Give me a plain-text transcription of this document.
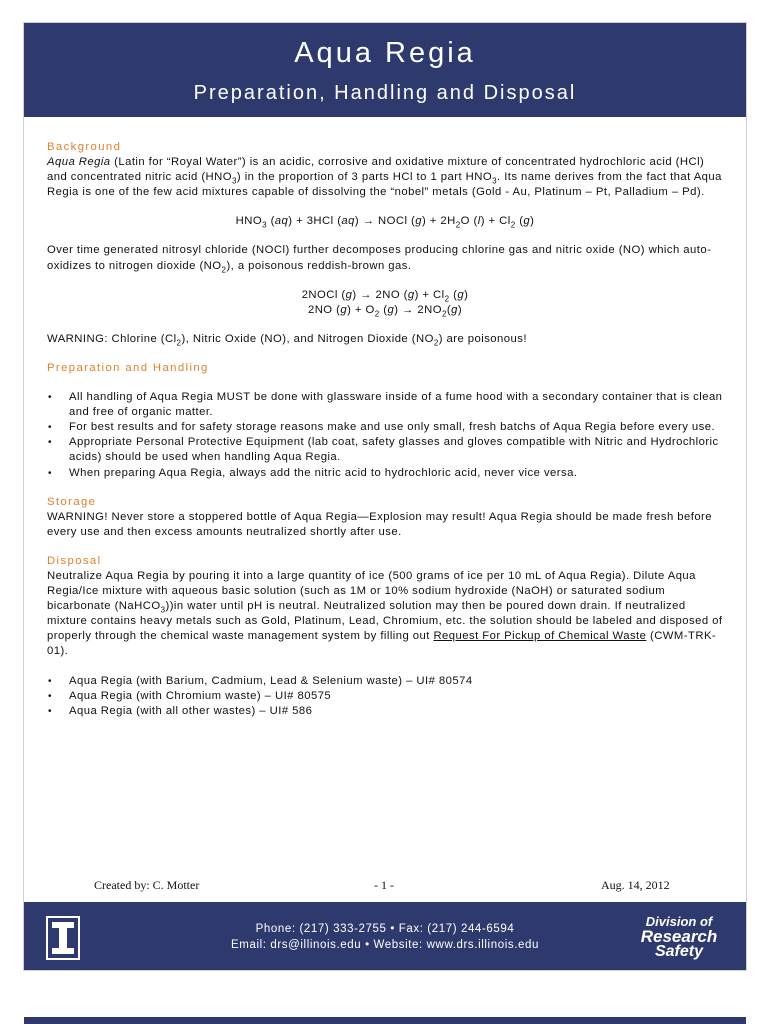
Aqua Regia
Preparation, Handling and Disposal
Background

Aqua Regia (Latin for “Royal Water”) is an acidic, corrosive and oxidative mixture of concentrated hydrochloric acid (HCl) and concentrated nitric acid $(HNO_3)$ in the proportion of 3 parts HCl to 1 part $HNO_3$. Its name derives from the fact that Aqua Regia is one of the few acid mixtures capable of dissolving the “nobel” metals (Gold - Au, Platinum – Pt, Palladium – Pd).

$HNO_3$ (aq) + 3HCl (aq) → NOCl $(g) + 2H_2O$ $(l) + Cl_2$ (g)

Over time generated nitrosyl chloride (NOCl) further decomposes producing chlorine gas and nitric oxide (NO) which auto-oxidizes to nitrogen dioxide $(NO_2)$, a poisonous reddish-brown gas.

2NOCl (g) → 2NO $(g) + Cl_2$ (g)

2NO $(g) + O_2$ $(g) \to 2NO_2(g)$

WARNING: Chlorine $(Cl_2)$, Nitric Oxide (NO), and Nitrogen Dioxide $(NO_2)$ are poisonous!

Preparation and Handling
• All handling of Aqua Regia MUST be done with glassware inside of a fume hood with a secondary container that is clean and free of organic matter.
• For best results and for safety storage reasons make and use only small, fresh batchs of Aqua Regia before every use.
• Appropriate Personal Protective Equipment (lab coat, safety glasses and gloves compatible with Nitric and Hydrochloric acids) should be used when handling Aqua Regia.
• When preparing Aqua Regia, always add the nitric acid to hydrochloric acid, never vice versa.
Storage

WARNING! Never store a stoppered bottle of Aqua Regia—Explosion may result! Aqua Regia should be made fresh before every use and then excess amounts neutralized shortly after use.

Disposal

Neutralize Aqua Regia by pouring it into a large quantity of ice (500 grams of ice per 10 mL of Aqua Regia). Dilute Aqua Regia/Ice mixture with aqueous basic solution (such as 1M or 10% sodium hydroxide (NaOH) or saturated sodium bicarbonate (NaHCO$_3$))in water until pH is neutral. Neutralized solution may then be poured down drain. If neutralized mixture contains heavy metals such as Gold, Platinum, Lead, Chromium, etc. the solution should be labeled and disposed of properly through the chemical waste management system by filling out Request For Pickup of Chemical Waste (CWM-TRK-01).

• Aqua Regia (with Barium, Cadmium, Lead & Selenium waste) – UI# 80574
• Aqua Regia (with Chromium waste) – UI# 80575
• Aqua Regia (with all other wastes) – UI# 586
Created by: C. Motter	- 1 -	Aug. 14, 2012
Phone: (217) 333-2755 • Fax: (217) 244-6594
Email: drs@illinois.edu • Website: www.drs.illinois.edu
Division of
Research
Safety
